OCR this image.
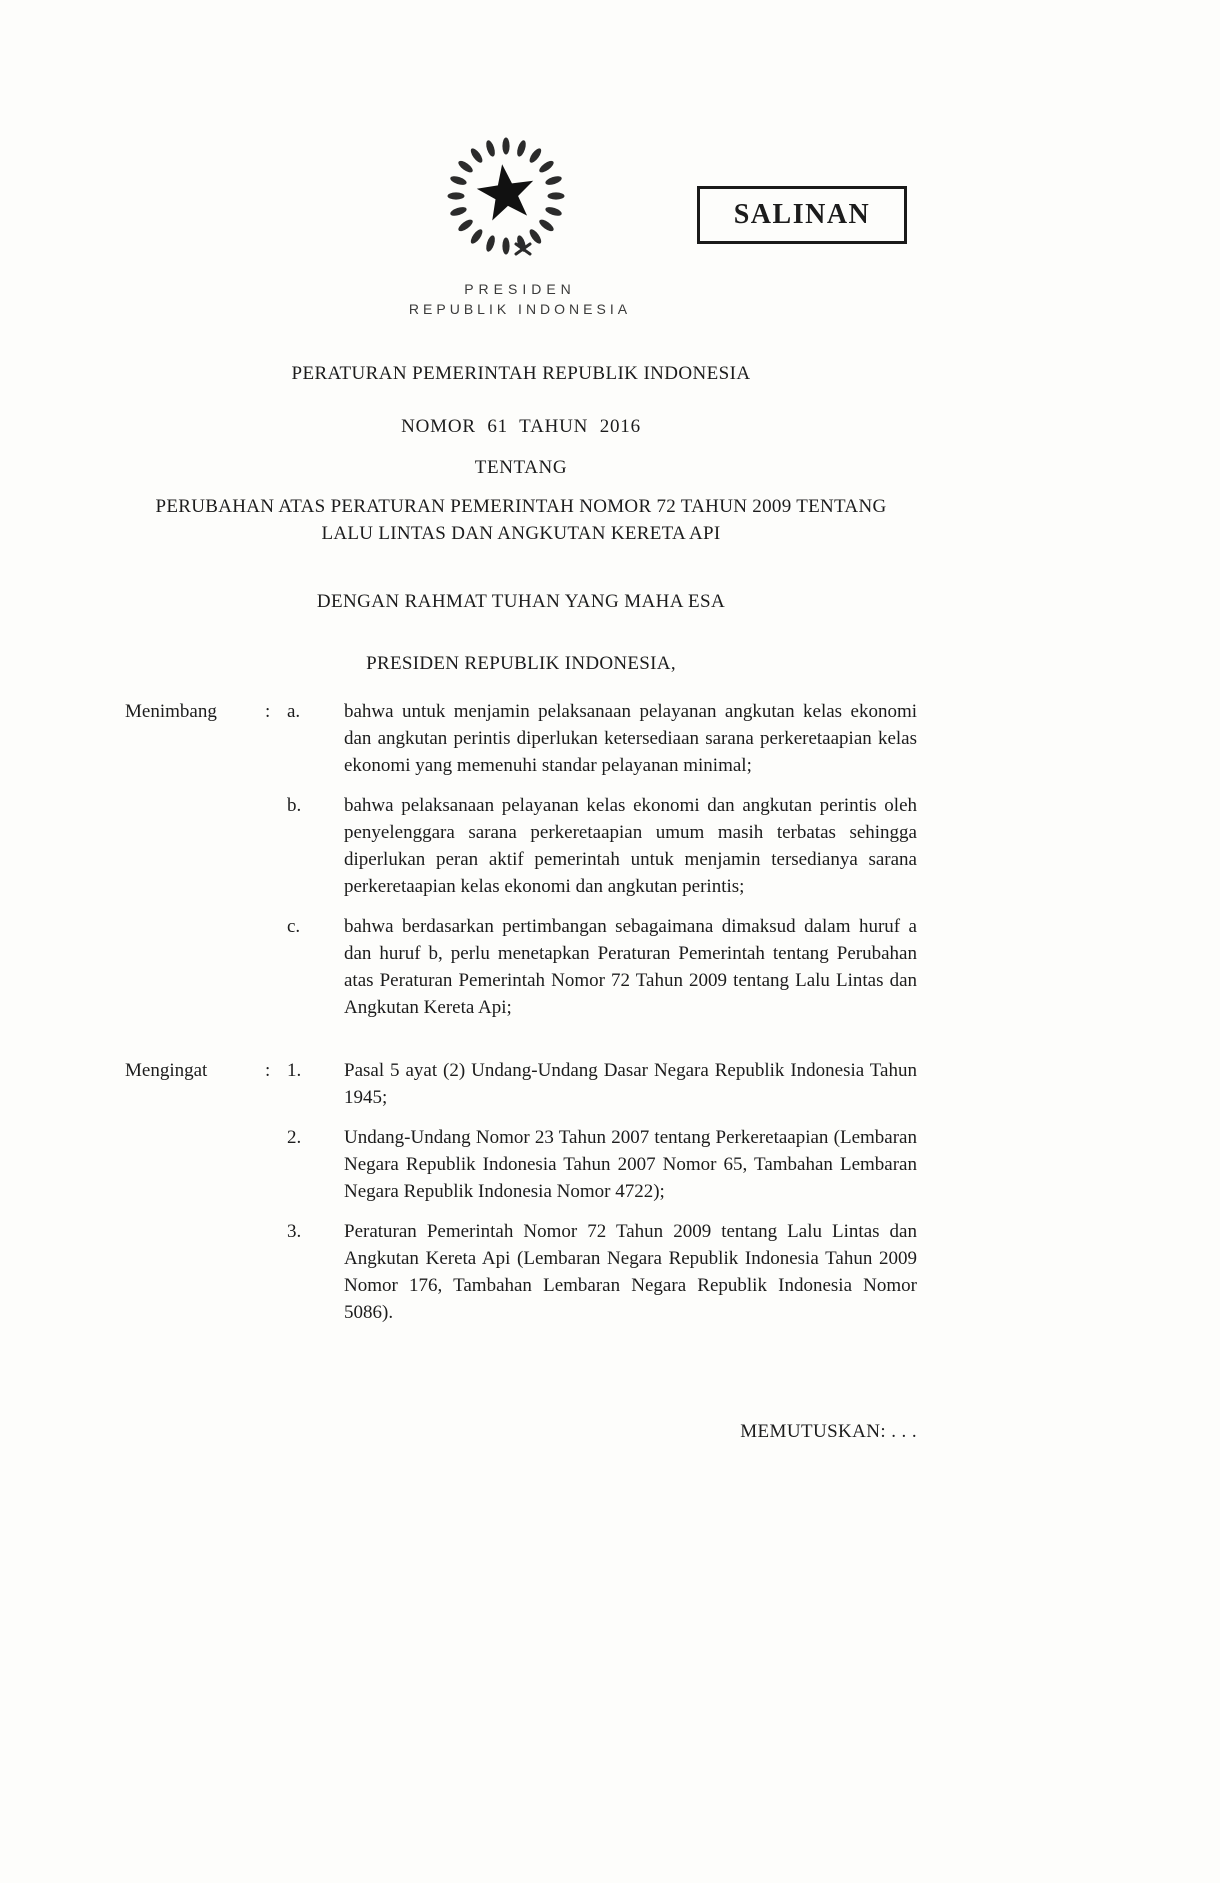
SALINAN
PRESIDEN
REPUBLIK INDONESIA
PERATURAN PEMERINTAH REPUBLIK INDONESIA
NOMOR 61 TAHUN 2016
TENTANG
PERUBAHAN ATAS PERATURAN PEMERINTAH NOMOR 72 TAHUN 2009 TENTANG LALU LINTAS DAN ANGKUTAN KERETA API
DENGAN RAHMAT TUHAN YANG MAHA ESA
PRESIDEN REPUBLIK INDONESIA,
Menimbang	: a.	bahwa untuk menjamin pelaksanaan pelayanan angkutan kelas ekonomi dan angkutan perintis diperlukan ketersediaan sarana perkeretaapian kelas ekonomi yang memenuhi standar pelayanan minimal;
b.	bahwa pelaksanaan pelayanan kelas ekonomi dan angkutan perintis oleh penyelenggara sarana perkeretaapian umum masih terbatas sehingga diperlukan peran aktif pemerintah untuk menjamin tersedianya sarana perkeretaapian kelas ekonomi dan angkutan perintis;
c.	bahwa berdasarkan pertimbangan sebagaimana dimaksud dalam huruf a dan huruf b, perlu menetapkan Peraturan Pemerintah tentang Perubahan atas Peraturan Pemerintah Nomor 72 Tahun 2009 tentang Lalu Lintas dan Angkutan Kereta Api;
Mengingat	: 1.	Pasal 5 ayat (2) Undang-Undang Dasar Negara Republik Indonesia Tahun 1945;
2.	Undang-Undang Nomor 23 Tahun 2007 tentang Perkeretaapian (Lembaran Negara Republik Indonesia Tahun 2007 Nomor 65, Tambahan Lembaran Negara Republik Indonesia Nomor 4722);
3.	Peraturan Pemerintah Nomor 72 Tahun 2009 tentang Lalu Lintas dan Angkutan Kereta Api (Lembaran Negara Republik Indonesia Tahun 2009 Nomor 176, Tambahan Lembaran Negara Republik Indonesia Nomor 5086).
MEMUTUSKAN: . . .
